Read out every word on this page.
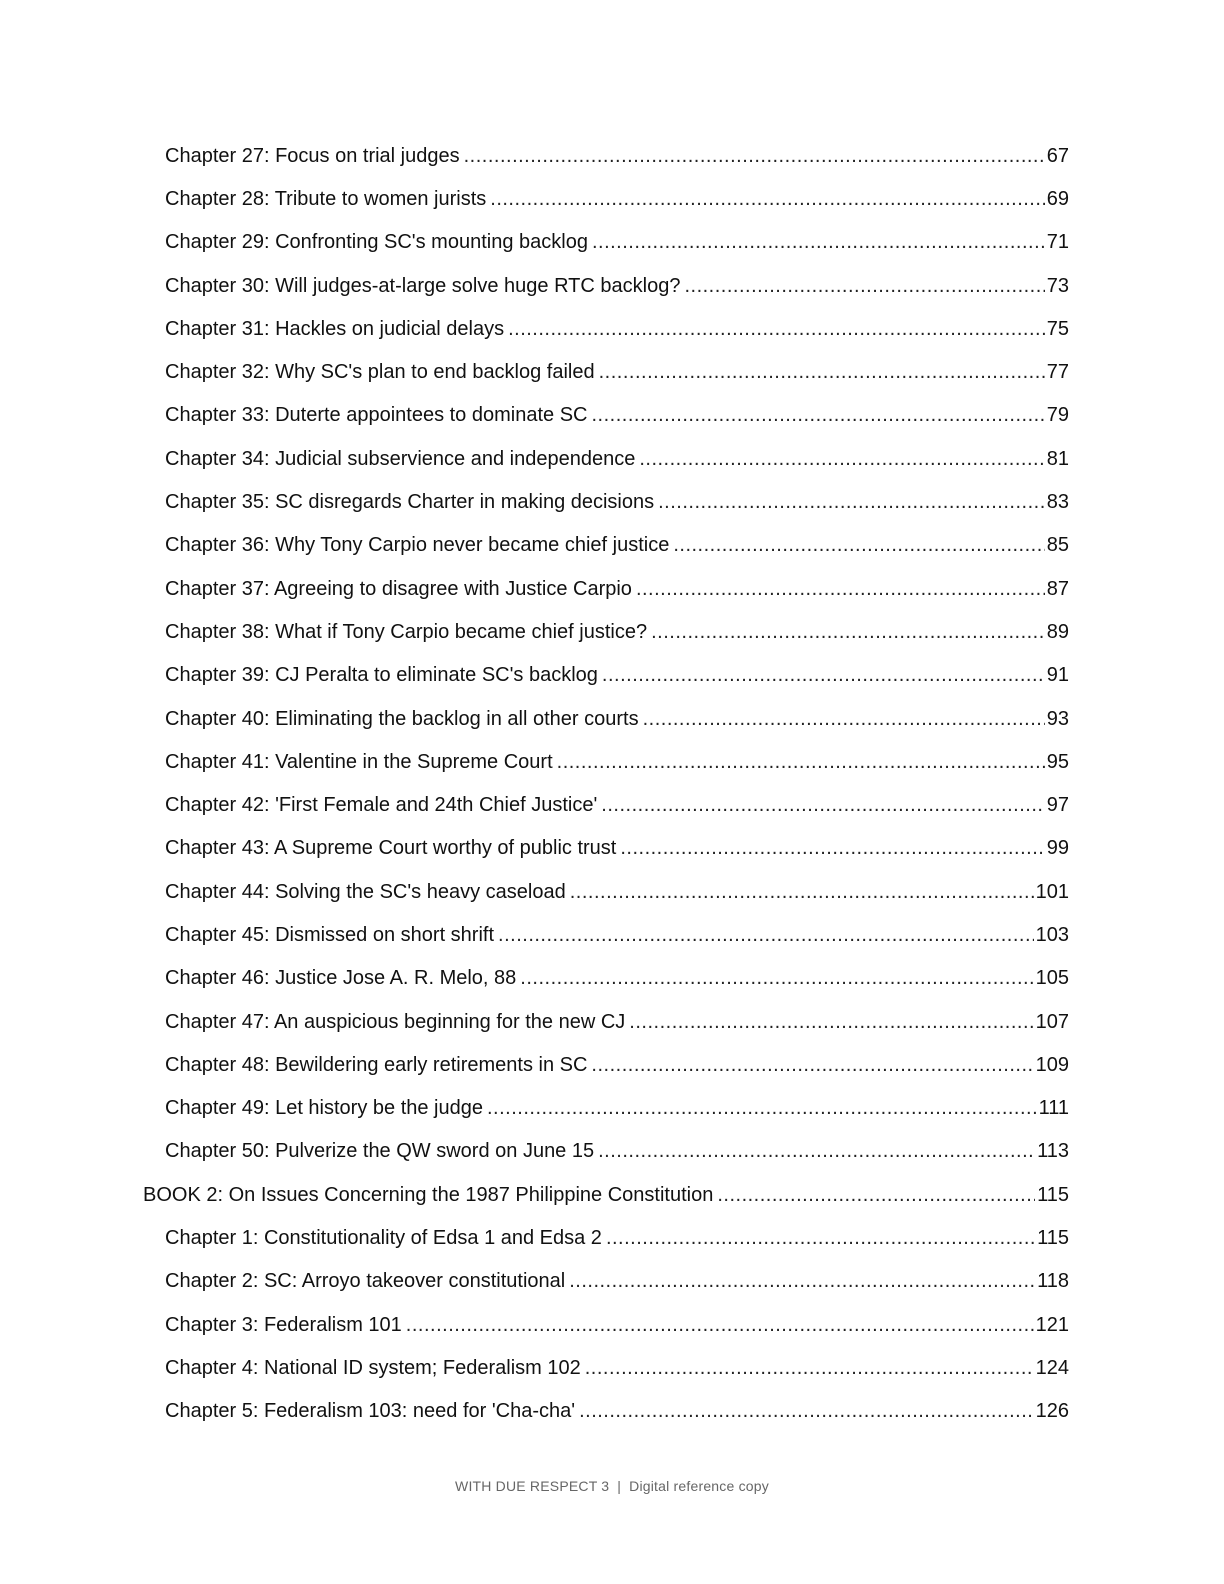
Chapter 27: Focus on trial judges .....	67
Chapter 28: Tribute to women jurists .....	69
Chapter 29: Confronting SC's mounting backlog .....	71
Chapter 30: Will judges-at-large solve huge RTC backlog? .....	73
Chapter 31: Hackles on judicial delays .....	75
Chapter 32: Why SC's plan to end backlog failed .....	77
Chapter 33: Duterte appointees to dominate SC .....	79
Chapter 34: Judicial subservience and independence .....	81
Chapter 35: SC disregards Charter in making decisions .....	83
Chapter 36: Why Tony Carpio never became chief justice .....	85
Chapter 37: Agreeing to disagree with Justice Carpio .....	87
Chapter 38: What if Tony Carpio became chief justice? .....	89
Chapter 39: CJ Peralta to eliminate SC's backlog .....	91
Chapter 40: Eliminating the backlog in all other courts .....	93
Chapter 41: Valentine in the Supreme Court .....	95
Chapter 42: 'First Female and 24th Chief Justice' .....	97
Chapter 43: A Supreme Court worthy of public trust .....	99
Chapter 44: Solving the SC's heavy caseload .....	101
Chapter 45: Dismissed on short shrift .....	103
Chapter 46: Justice Jose A. R. Melo, 88 .....	105
Chapter 47: An auspicious beginning for the new CJ .....	107
Chapter 48: Bewildering early retirements in SC .....	109
Chapter 49: Let history be the judge .....	111
Chapter 50: Pulverize the QW sword on June 15 .....	113
BOOK 2: On Issues Concerning the 1987 Philippine Constitution .....	115
Chapter 1: Constitutionality of Edsa 1 and Edsa 2 .....	115
Chapter 2: SC: Arroyo takeover constitutional .....	118
Chapter 3: Federalism 101 .....	121
Chapter 4: National ID system; Federalism 102 .....	124
Chapter 5: Federalism 103: need for 'Cha-cha' .....	126
WITH DUE RESPECT 3 | Digital reference copy
